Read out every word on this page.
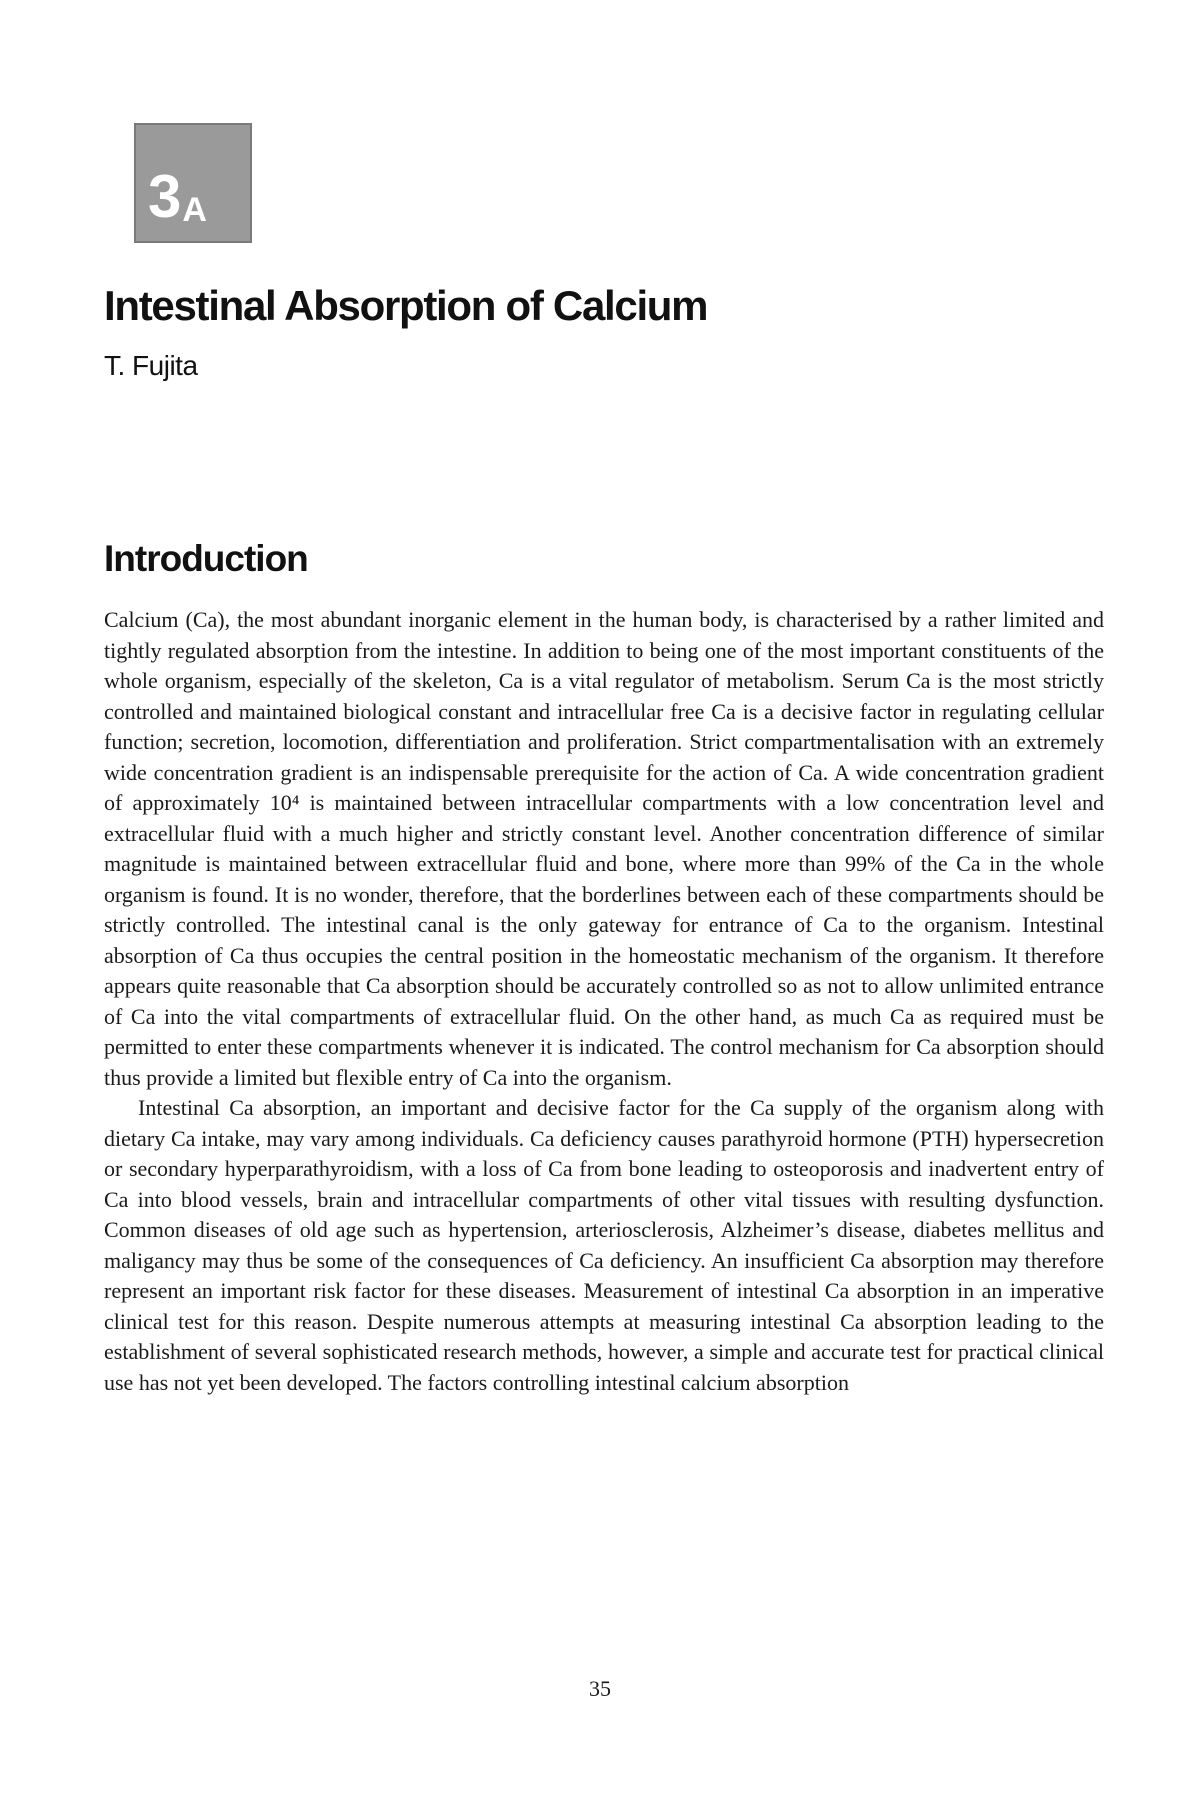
3 A
Intestinal Absorption of Calcium

T. Fujita

Introduction

Calcium (Ca), the most abundant inorganic element in the human body, is characterised by a rather limited and tightly regulated absorption from the intestine. In addition to being one of the most important constituents of the whole organism, especially of the skeleton, Ca is a vital regulator of metabolism. Serum Ca is the most strictly controlled and maintained biological constant and intracellular free Ca is a decisive factor in regulating cellular function; secretion, locomotion, differentiation and proliferation. Strict compartmentalisation with an extremely wide concentration gradient is an indispensable prerequisite for the action of Ca. A wide concentration gradient of approximately 10⁴ is maintained between intracellular compartments with a low concentration level and extracellular fluid with a much higher and strictly constant level. Another concentration difference of similar magnitude is maintained between extracellular fluid and bone, where more than 99% of the Ca in the whole organism is found. It is no wonder, therefore, that the borderlines between each of these compartments should be strictly controlled. The intestinal canal is the only gateway for entrance of Ca to the organism. Intestinal absorption of Ca thus occupies the central position in the homeostatic mechanism of the organism. It therefore appears quite reasonable that Ca absorption should be accurately controlled so as not to allow unlimited entrance of Ca into the vital compartments of extracellular fluid. On the other hand, as much Ca as required must be permitted to enter these compartments whenever it is indicated. The control mechanism for Ca absorption should thus provide a limited but flexible entry of Ca into the organism.

Intestinal Ca absorption, an important and decisive factor for the Ca supply of the organism along with dietary Ca intake, may vary among individuals. Ca deficiency causes parathyroid hormone (PTH) hypersecretion or secondary hyperparathyroidism, with a loss of Ca from bone leading to osteoporosis and inadvertent entry of Ca into blood vessels, brain and intracellular compartments of other vital tissues with resulting dysfunction. Common diseases of old age such as hypertension, arteriosclerosis, Alzheimer’s disease, diabetes mellitus and maligancy may thus be some of the consequences of Ca deficiency. An insufficient Ca absorption may therefore represent an important risk factor for these diseases. Measurement of intestinal Ca absorption in an imperative clinical test for this reason. Despite numerous attempts at measuring intestinal Ca absorption leading to the establishment of several sophisticated research methods, however, a simple and accurate test for practical clinical use has not yet been developed. The factors controlling intestinal calcium absorption

35
